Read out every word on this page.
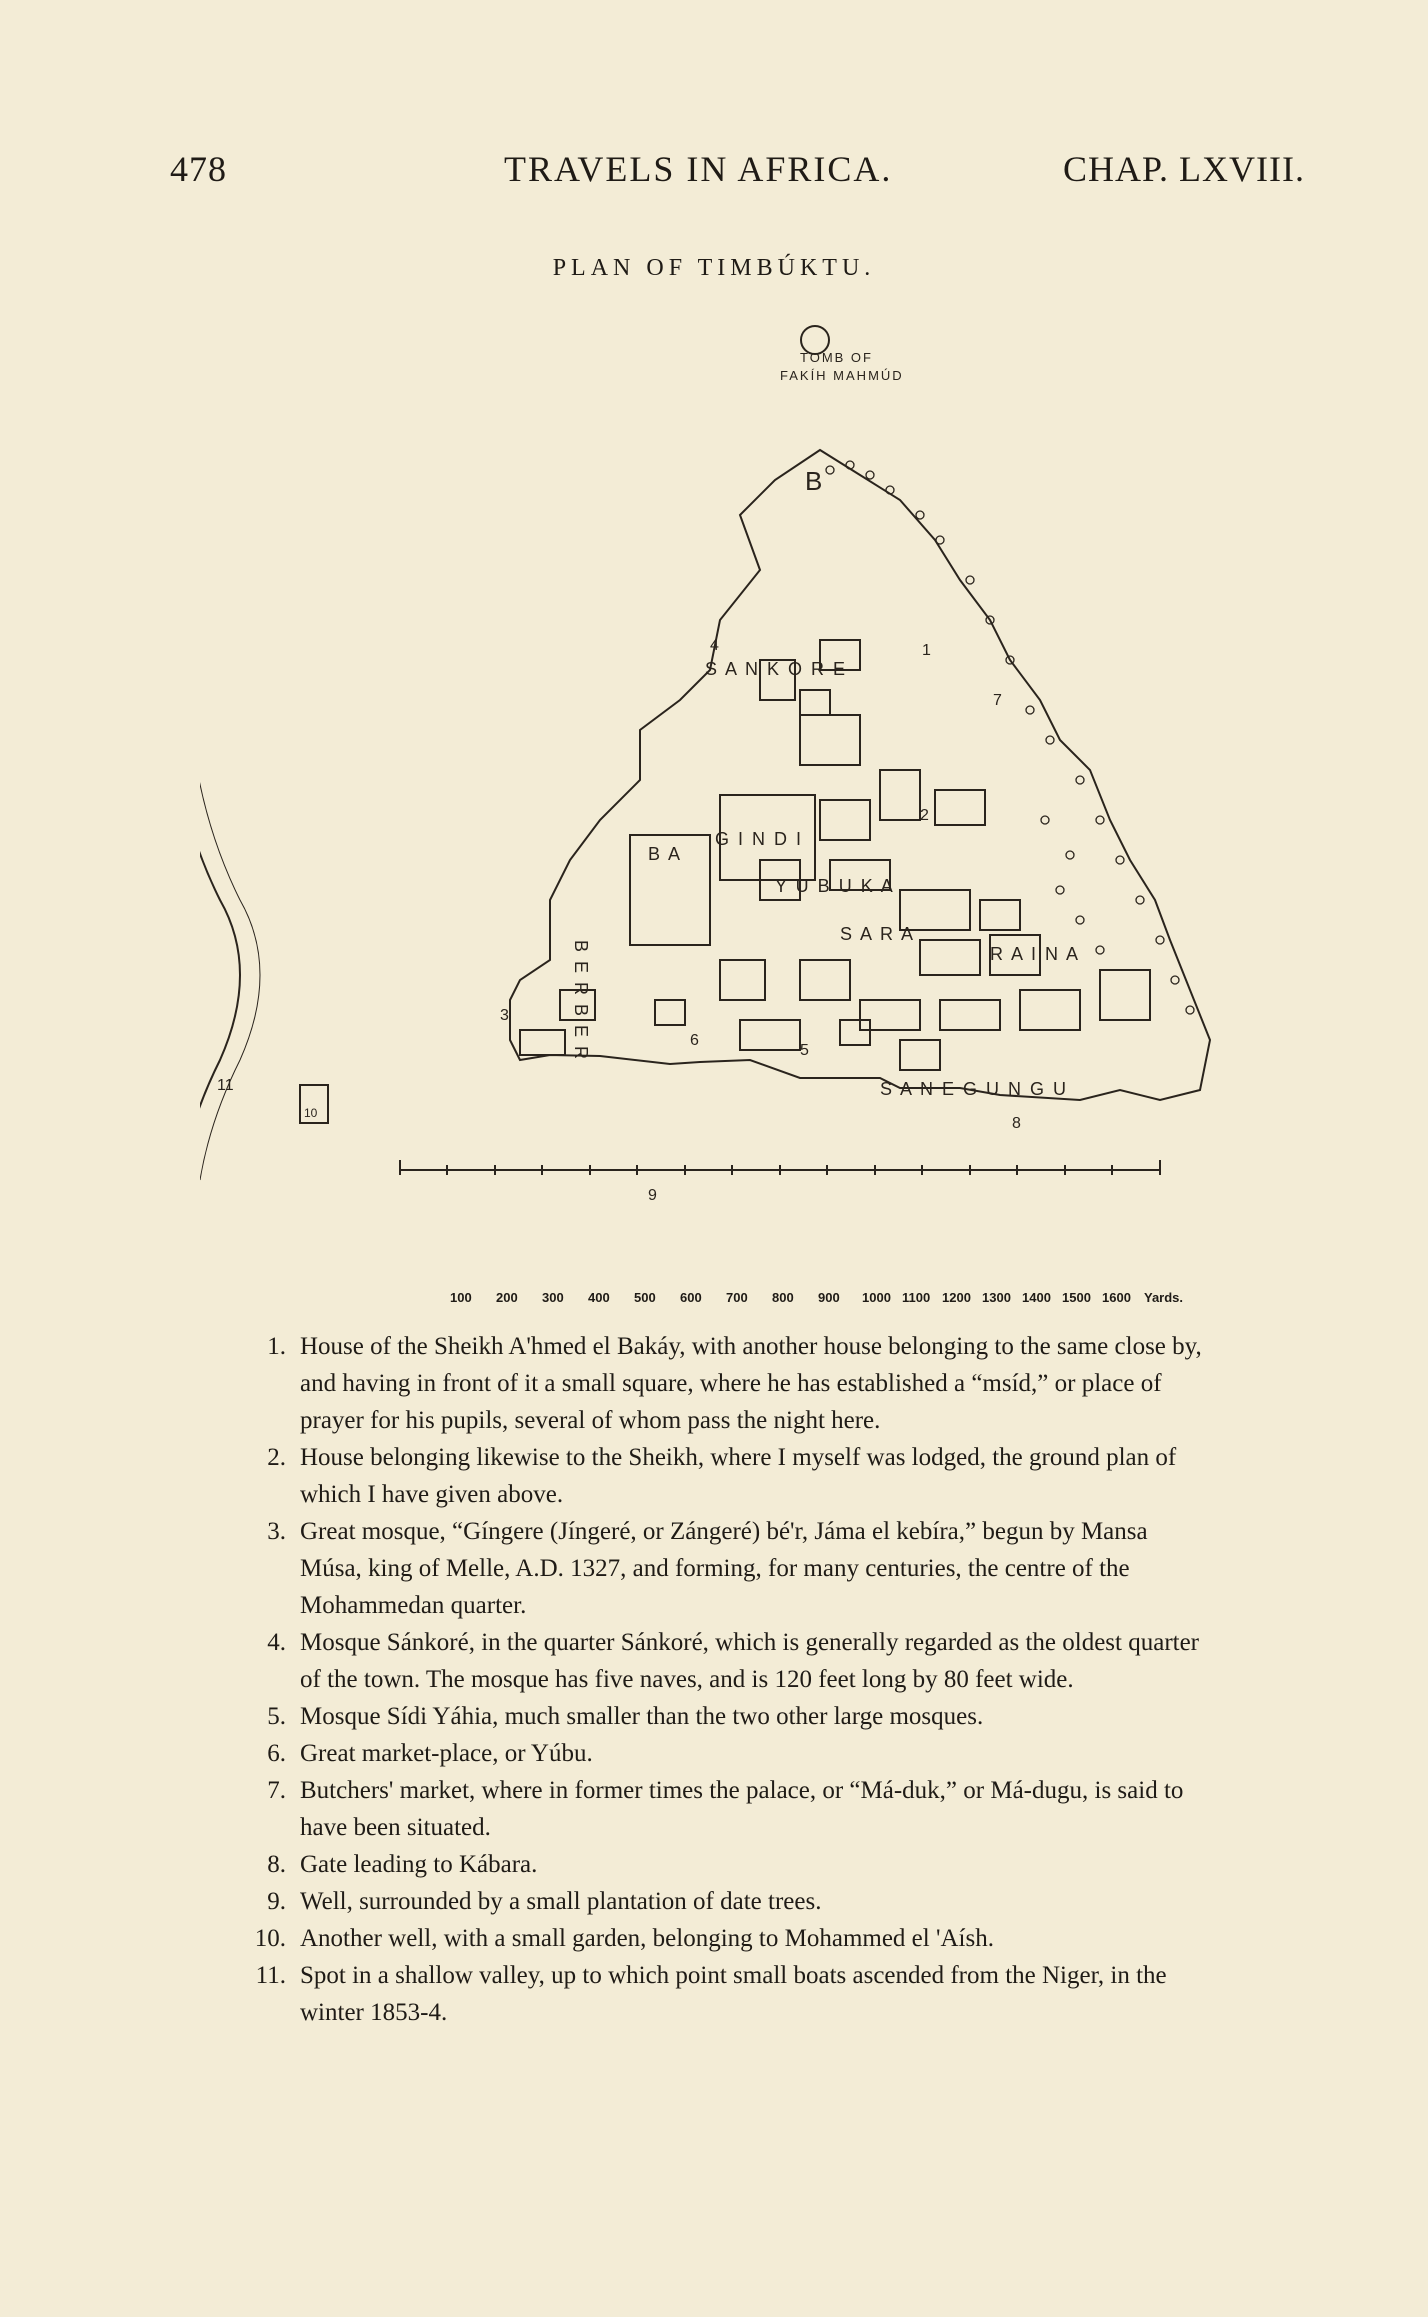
478	TRAVELS IN AFRICA.	CHAP. LXVIII.
PLAN OF TIMBÚKTU.
TOMB OF
FAKÍH MAHMÚD
B
S A N K O R E
B A
G I N D I
Y U B U K A
S A R A
R A I N A
S A N E G U N G U
B E R B E R
1
2
3
4
5
6
7
8
9
10
11
100 200 300 400 500 600 700 800 900 1000 1100 1200 1300 1400 1500 1600 Yards.
1. House of the Sheikh A'hmed el Bakáy, with another house belonging to the same close by, and having in front of it a small square, where he has established a “msíd,” or place of prayer for his pupils, several of whom pass the night here.
2. House belonging likewise to the Sheikh, where I myself was lodged, the ground plan of which I have given above.
3. Great mosque, “Gíngere (Jíngeré, or Zángeré) bé'r, Jáma el kebíra,” begun by Mansa Músa, king of Melle, A.D. 1327, and forming, for many centuries, the centre of the Mohammedan quarter.
4. Mosque Sánkoré, in the quarter Sánkoré, which is generally regarded as the oldest quarter of the town. The mosque has five naves, and is 120 feet long by 80 feet wide.
5. Mosque Sídi Yáhia, much smaller than the two other large mosques.
6. Great market-place, or Yúbu.
7. Butchers' market, where in former times the palace, or “Má-duk,” or Má-dugu, is said to have been situated.
8. Gate leading to Kábara.
9. Well, surrounded by a small plantation of date trees.
10. Another well, with a small garden, belonging to Mohammed el 'Aísh.
11. Spot in a shallow valley, up to which point small boats ascended from the Niger, in the winter 1853-4.
